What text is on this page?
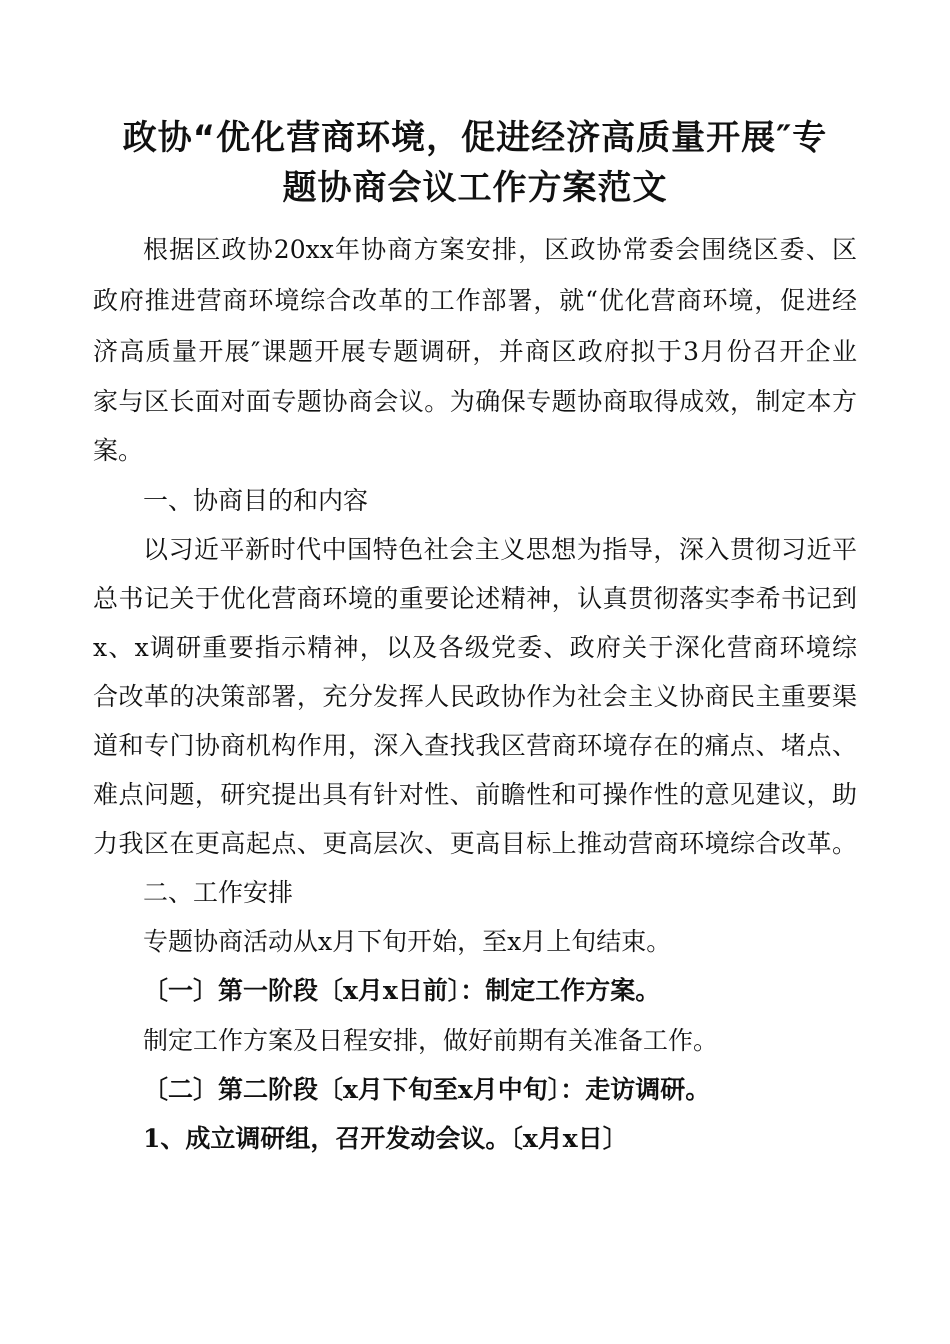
政协“优化营商环境，促进经济高质量开展″专
题协商会议工作方案范文
根据区政协20xx年协商方案安排，区政协常委会围绕区委、区
政府推进营商环境综合改革的工作部署，就“优化营商环境，促进经
济高质量开展″课题开展专题调研，并商区政府拟于3月份召开企业
家与区长面对面专题协商会议。为确保专题协商取得成效，制定本方
案。
一、协商目的和内容
以习近平新时代中国特色社会主义思想为指导，深入贯彻习近平
总书记关于优化营商环境的重要论述精神，认真贯彻落实李希书记到
x、x调研重要指示精神，以及各级党委、政府关于深化营商环境综
合改革的决策部署，充分发挥人民政协作为社会主义协商民主重要渠
道和专门协商机构作用，深入查找我区营商环境存在的痛点、堵点、
难点问题，研究提出具有针对性、前瞻性和可操作性的意见建议，助
力我区在更高起点、更高层次、更高目标上推动营商环境综合改革。
二、工作安排
专题协商活动从x月下旬开始，至x月上旬结束。
〔一〕第一阶段〔x月x日前〕：制定工作方案。
制定工作方案及日程安排，做好前期有关准备工作。
〔二〕第二阶段〔x月下旬至x月中旬〕：走访调研。
1、成立调研组，召开发动会议。〔x月x日〕
